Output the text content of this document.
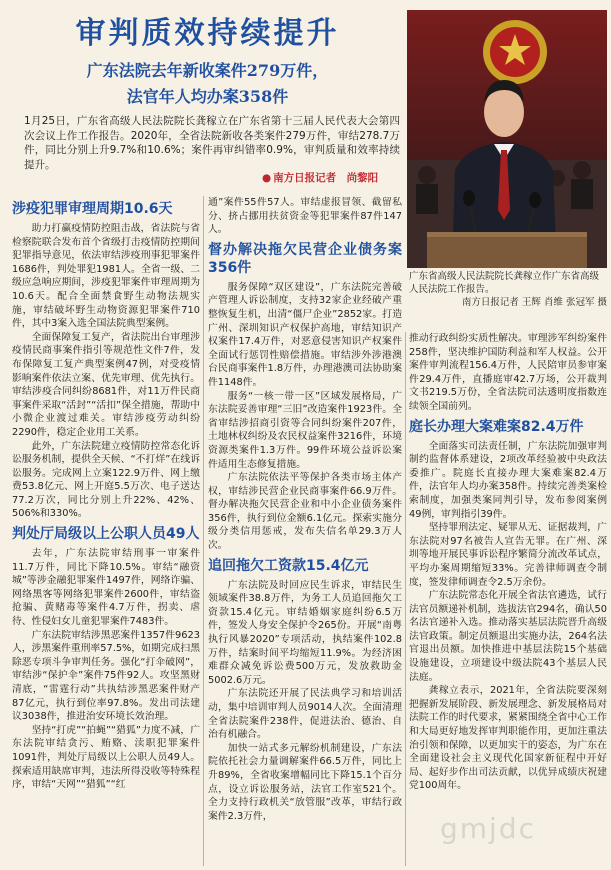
审判质效持续提升
广东法院去年新收案件279万件，
法官年人均办案358件
1月25日，广东省高级人民法院院长龚稼立在广东省第十三届人民代表大会第四次会议上作工作报告。2020年，全省法院新收各类案件279万件，审结278.7万件，同比分别上升9.7%和10.6%；案件再审纠错率0.9%，审判质量和效率持续提升。
● 南方日报记者　尚黎阳
广东省高级人民法院院长龚稼立作广东省高级人民法院工作报告。
南方日报记者 王辉 肖维 张冠军 摄
涉疫犯罪审理周期10.6天

助力打赢疫情防控阻击战，省法院与省检察院联合发布首个省级打击疫情防控期间犯罪指导意见，依法审结涉疫刑事犯罪案件1686件，判处罪犯1981人。全省一级、二级应急响应期间，涉疫犯罪案件审理周期为10.6天。配合全面禁食野生动物法规实施，审结破坏野生动物资源犯罪案件710件，其中3案入选全国法院典型案例。

全面保障复工复产，省法院出台审理涉疫情民商事案件指引等规范性文件7件，发布保障复工复产典型案例47例，对受疫情影响案件依法立案、优先审理、优先执行。审结涉疫合同纠纷8681件，对11万件民商事案件采取“活封”“活扣”保全措施，帮助中小微企业渡过难关。审结涉疫劳动纠纷2290件，稳定企业用工关系。

此外，广东法院建立疫情防控常态化诉讼服务机制，提供全天候、“不打烊”在线诉讼服务。完成网上立案122.9万件、网上缴费53.8亿元、网上开庭5.5万次、电子送达77.2万次，同比分别上升22%、42%、506%和330%。

判处厅局级以上公职人员49人

去年，广东法院审结刑事一审案件11.7万件，同比下降10.5%。审结“融资城”等涉金融犯罪案件1497件，网络诈骗、网络黑客等网络犯罪案件2600件，审结盗抢骗、黄赌毒等案件4.7万件，拐卖、虐待、性侵妇女儿童犯罪案件7483件。

广东法院审结涉黑恶案件1357件9623人，涉黑案件重刑率57.5%，如期完成扫黑除恶专项斗争审判任务。强化“打伞破网”，审结涉“保护伞”案件75件92人。攻坚黑财清底，“雷霆行动”共执结涉黑恶案件财产87亿元，执行到位率97.8%。发出司法建议3038件，推进治安环境长效治理。

坚持“打虎”“拍蝇”“猎狐”力度不减，广东法院审结贪污、贿赂、渎职犯罪案件1091件，判处厅局级以上公职人员49人。探索适用缺席审判，违法所得没收等特殊程序，审结“天网”“猎狐”“红

通”案件55件57人。审结虚报冒领、截留私分、挤占挪用扶贫资金等犯罪案件87件147人。

督办解决拖欠民营企业债务案356件

服务保障“双区建设”，广东法院完善破产管理人诉讼制度，支持32家企业经破产重整恢复生机，出清“僵尸企业”2852家。打造广州、深圳知识产权保护高地，审结知识产权案件17.4万件，对恶意侵害知识产权案件全面试行惩罚性赔偿措施。审结涉外涉港澳台民商事案件1.8万件，办理港澳司法协助案件1148件。

服务“一核一带一区”区域发展格局，广东法院妥善审理“三旧”改造案件1923件。全省审结涉招商引资等合同纠纷案件207件，土地林权纠纷及农民权益案件3216件，环境资源类案件1.3万件。99件环境公益诉讼案件适用生态修复措施。

广东法院依法平等保护各类市场主体产权，审结涉民营企业民商事案件66.9万件。督办解决拖欠民营企业和中小企业债务案件356件，执行到位金额6.1亿元。探索实施分级分类信用惩戒，发布失信名单29.3万人次。

追回拖欠工资款15.4亿元

广东法院及时回应民生诉求，审结民生领域案件38.8万件，为务工人员追回拖欠工资款15.4亿元。审结婚姻家庭纠纷6.5万件，签发人身安全保护令265份。开展“南粤执行风暴2020”专项活动，执结案件102.8万件，结案时间平均缩短11.9%。为经济困难群众减免诉讼费500万元，发放救助金5002.6万元。

广东法院还开展了民法典学习和培训活动，集中培训审判人员9014人次。全面清理全省法院案件238件，促进法治、德治、自治有机融合。

加快一站式多元解纷机制建设，广东法院依托社会力量调解案件66.5万件，同比上升89%，全省收案增幅同比下降15.1个百分点，设立诉讼服务站，法官工作室521个。全力支持行政机关“放管服”改革，审结行政案件2.3万件，

推动行政纠纷实质性解决。审理涉军纠纷案件258件，坚决维护国防利益和军人权益。公开案件审判流程156.4万件，人民陪审员参审案件29.4万件，直播庭审42.7万场，公开裁判文书219.5万份，全省法院司法透明度指数连续领全国前列。

庭长办理大案难案82.4万件

全面落实司法责任制，广东法院加强审判制约监督体系建设，2项改革经验被中央政法委推广。院庭长直接办理大案难案82.4万件，法官年人均办案358件。持续完善类案检索制度，加强类案同判引导，发布参阅案例49例，审判指引39件。

坚持罪刑法定、疑罪从无、证据裁判，广东法院对97名被告人宣告无罪。在广州、深圳等地开展民事诉讼程序繁简分流改革试点，平均办案周期缩短33%。完善律师调查令制度，签发律师调查令2.5万余份。

广东法院常态化开展全省法官遴选，试行法官员额递补机制，选拔法官294名，确认50名法官递补入选。推动落实基层法院晋升高级法官政策。制定员额退出实施办法，264名法官退出员额。加快推进中基层法院15个基础设施建设，立项建设中级法院43个基层人民法庭。

龚稼立表示，2021年，全省法院要深刻把握新发展阶段、新发展理念、新发展格局对法院工作的时代要求，紧紧围绕全省中心工作和大局更好地发挥审判职能作用，更加注重法治引领和保障，以更加实干的姿态，为广东在全面建设社会主义现代化国家新征程中开好局、起好步作出司法贡献，以优异成绩庆祝建党100周年。

gmjdc
